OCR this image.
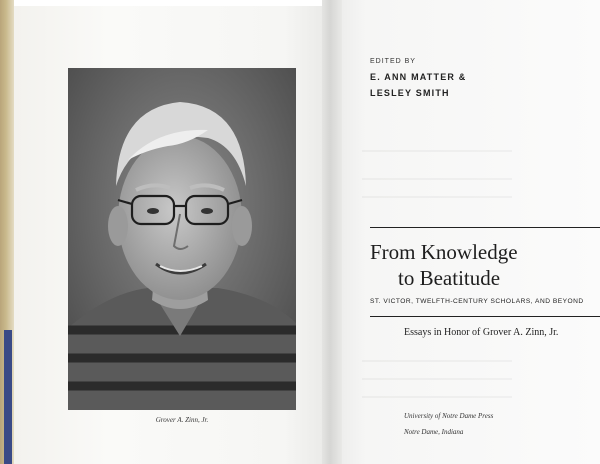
Grover A. Zinn, Jr.
EDITED BY
E. ANN MATTER &
LESLEY SMITH
From Knowledge
to Beatitude
ST. VICTOR, TWELFTH-CENTURY SCHOLARS, AND BEYOND
Essays in Honor of Grover A. Zinn, Jr.
University of Notre Dame Press
Notre Dame, Indiana
